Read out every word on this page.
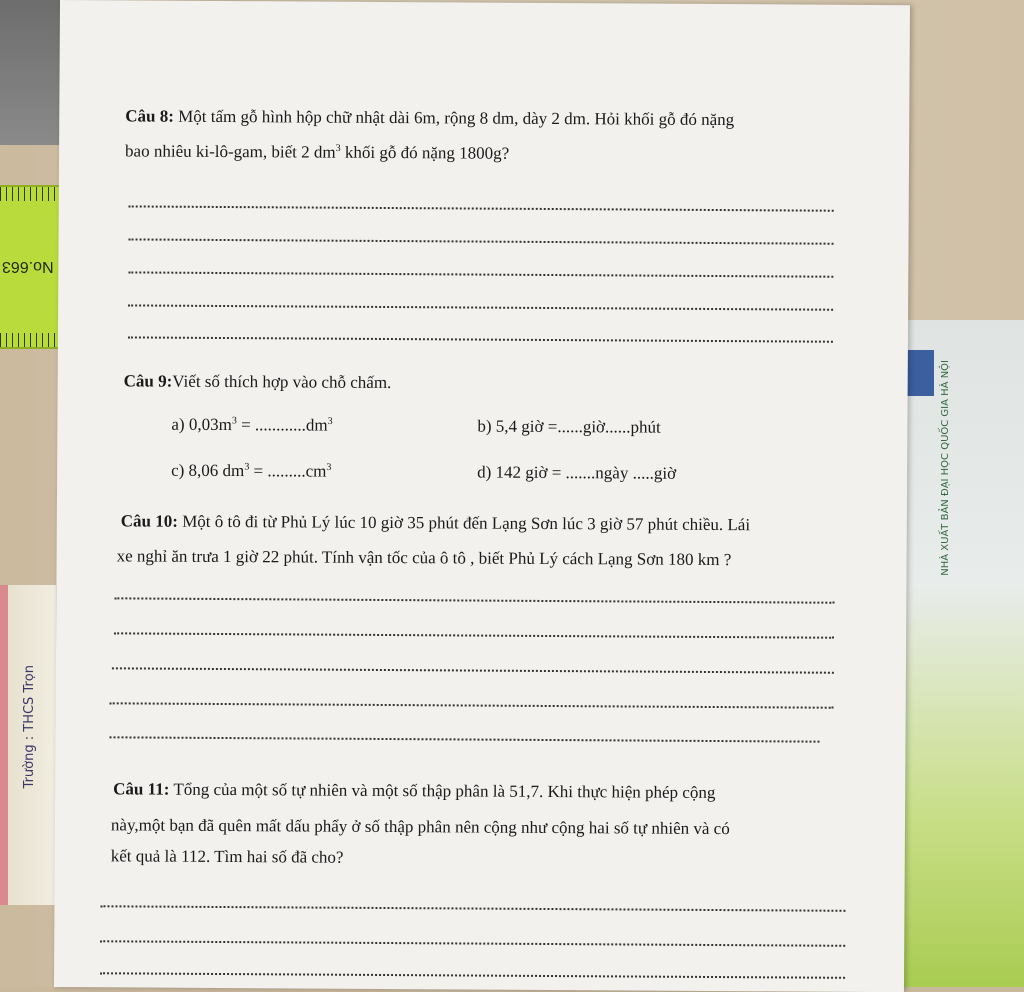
No.663
Trường : THCS Trọn
NHÀ XUẤT BẢN ĐẠI HỌC QUỐC GIA HÀ NỘI
Câu 8: Một tấm gỗ hình hộp chữ nhật dài 6m, rộng 8 dm, dày 2 dm. Hỏi khối gỗ đó nặng
bao nhiêu ki-lô-gam, biết 2 $dm^3$ khối gỗ đó nặng 1800g?
Câu 9:Viết số thích hợp vào chỗ chấm.
a) $0,03m^3 = ............dm^3$	b) 5,4 giờ =......giờ......phút
c) 8,06 $dm^3 = .........cm^3$	d) 142 giờ = .......ngày .....giờ
Câu 10: Một ô tô đi từ Phủ Lý lúc 10 giờ 35 phút đến Lạng Sơn lúc 3 giờ 57 phút chiều. Lái
xe nghỉ ăn trưa 1 giờ 22 phút. Tính vận tốc của ô tô , biết Phủ Lý cách Lạng Sơn 180 km ?
Câu 11: Tổng của một số tự nhiên và một số thập phân là 51,7. Khi thực hiện phép cộng
này,một bạn đã quên mất dấu phẩy ở số thập phân nên cộng như cộng hai số tự nhiên và có
kết quả là 112. Tìm hai số đã cho?
